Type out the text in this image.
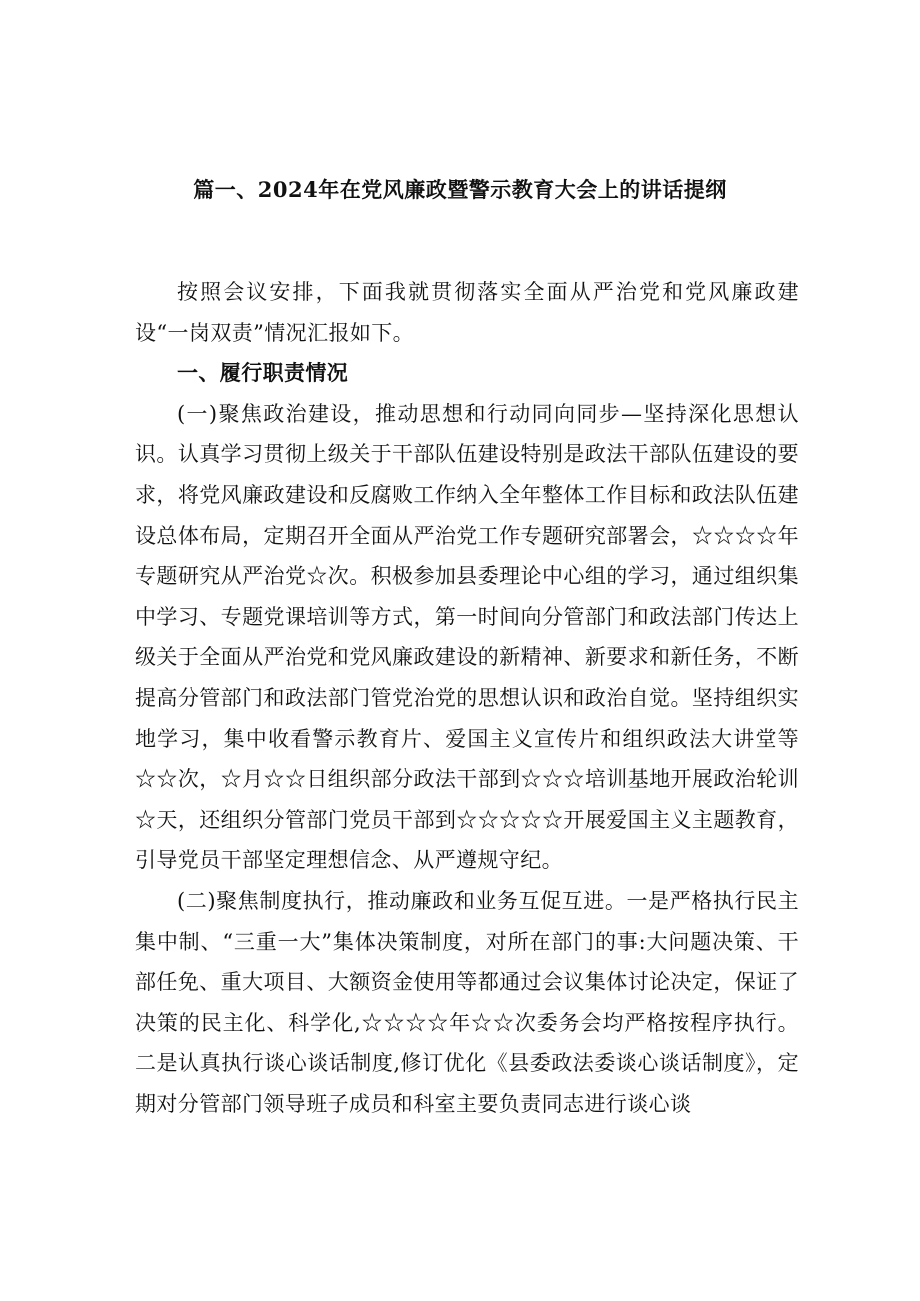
篇一、2024年在党风廉政暨警示教育大会上的讲话提纲

按照会议安排，下面我就贯彻落实全面从严治党和党风廉政建设“一岗双责”情况汇报如下。

一、履行职责情况

(一)聚焦政治建设，推动思想和行动同向同步—坚持深化思想认识。认真学习贯彻上级关于干部队伍建设特别是政法干部队伍建设的要求，将党风廉政建设和反腐败工作纳入全年整体工作目标和政法队伍建设总体布局，定期召开全面从严治党工作专题研究部署会，☆☆☆☆年专题研究从严治党☆次。积极参加县委理论中心组的学习，通过组织集中学习、专题党课培训等方式，第一时间向分管部门和政法部门传达上级关于全面从严治党和党风廉政建设的新精神、新要求和新任务，不断提高分管部门和政法部门管党治党的思想认识和政治自觉。坚持组织实地学习，集中收看警示教育片、爱国主义宣传片和组织政法大讲堂等☆☆次，☆月☆☆日组织部分政法干部到☆☆☆培训基地开展政治轮训☆天，还组织分管部门党员干部到☆☆☆☆☆开展爱国主义主题教育，引导党员干部坚定理想信念、从严遵规守纪。

(二)聚焦制度执行，推动廉政和业务互促互进。一是严格执行民主集中制、“三重一大”集体决策制度，对所在部门的事:大问题决策、干部任免、重大项目、大额资金使用等都通过会议集体讨论决定，保证了决策的民主化、科学化,☆☆☆☆年☆☆次委务会均严格按程序执行。二是认真执行谈心谈话制度,修订优化《县委政法委谈心谈话制度》，定期对分管部门领导班子成员和科室主要负责同志进行谈心谈
